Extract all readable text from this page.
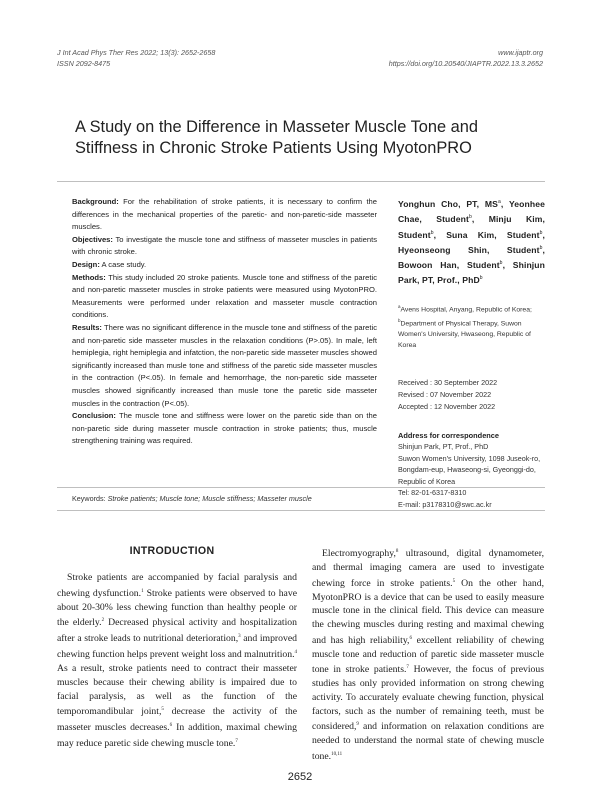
J Int Acad Phys Ther Res 2022; 13(3): 2652-2658
ISSN 2092-8475
www.ijaptr.org
https://doi.org/10.20540/JIAPTR.2022.13.3.2652
A Study on the Difference in Masseter Muscle Tone and
Stiffness in Chronic Stroke Patients Using MyotonPRO

Background: For the rehabilitation of stroke patients, it is necessary to confirm the differences in the mechanical properties of the paretic- and non-paretic-side masseter muscles.

Objectives: To investigate the muscle tone and stiffness of masseter muscles in patients with chronic stroke.

Design: A case study.

Methods: This study included 20 stroke patients. Muscle tone and stiffness of the paretic and non-paretic masseter muscles in stroke patients were measured using MyotonPRO. Measurements were performed under relaxation and masseter muscle contraction conditions.

Results: There was no significant difference in the muscle tone and stiffness of the paretic and non-paretic side masseter muscles in the relaxation conditions (P>.05). In male, left hemiplegia, right hemiplegia and infatction, the non-paretic side masseter muscles showed significantly increased than musle tone and stiffness of the paretic side masseter muscles in the contraction (P<.05). In female and hemorrhage, the non-paretic side masseter muscles showed significantly increased than musle tone the paretic side masseter muscles in the contraction (P<.05).

Conclusion: The muscle tone and stiffness were lower on the paretic side than on the non-paretic side during masseter muscle contraction in stroke patients; thus, muscle strengthening training was required.

Yonghun Cho, PT, $MS^a$, Yeonhee Chae, Student$^b$, Minju Kim, Student$^b$, Suna Kim, Student$^b$, Hyeonseong Shin, Student$^b$, Bowoon Han, Student$^b$, Shinjun Park, PT, Prof., PhD$^b$
$^a$Avens Hospital, Anyang, Republic of Korea;
$^b$Department of Physical Therapy, Suwon Women's University, Hwaseong, Republic of Korea
Received : 30 September 2022
Revised : 07 November 2022
Accepted : 12 November 2022
Address for correspondence
Shinjun Park, PT, Prof., PhD
Suwon Women's University, 1098 Juseok-ro, Bongdam-eup, Hwaseong-si, Gyeonggi-do, Republic of Korea
Tel: 82-01-6317-8310
E-mail: p3178310@swc.ac.kr
Keywords: Stroke patients; Muscle tone; Muscle stiffness; Masseter muscle
INTRODUCTION
Stroke patients are accompanied by facial paralysis and chewing dysfunction.$^1$ Stroke patients were observed to have about 20-30% less chewing function than healthy people or the elderly.$^2$ Decreased physical activity and hospitalization after a stroke leads to nutritional deterioration,$^3$ and improved chewing function helps prevent weight loss and malnutrition.$^4$ As a result, stroke patients need to contract their masseter muscles because their chewing ability is impaired due to facial paralysis, as well as the function of the temporomandibular joint,$^5$ decrease the activity of the masseter muscles decreases.$^6$ In addition, maximal chewing may reduce paretic side chewing muscle tone.$^7$
Electromyography,$^8$ ultrasound, digital dynamometer, and thermal imaging camera are used to investigate chewing force in stroke patients.$^5$ On the other hand, MyotonPRO is a device that can be used to easily measure muscle tone in the clinical field. This device can measure the chewing muscles during resting and maximal chewing and has high reliability,$^6$ excellent reliability of chewing muscle tone and reduction of paretic side masseter muscle tone in stroke patients.$^7$ However, the focus of previous studies has only provided information on strong chewing activity. To accurately evaluate chewing function, physical factors, such as the number of remaining teeth, must be considered,$^9$ and information on relaxation conditions are needed to understand the normal state of chewing muscle tone.$^{10,11}$
2652
